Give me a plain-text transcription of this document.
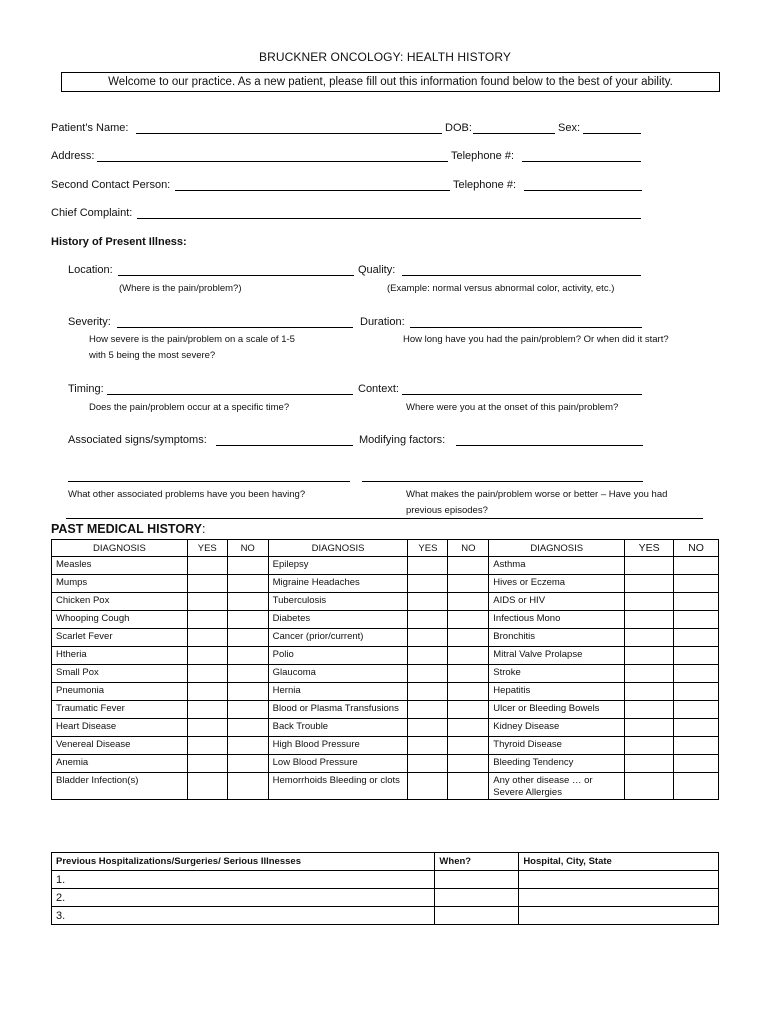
BRUCKNER ONCOLOGY: HEALTH HISTORY
Welcome to our practice. As a new patient, please fill out this information found below to the best of your ability.
Patient’s Name:	DOB:	Sex:
Address:	Telephone #:
Second Contact Person:	Telephone #:
Chief Complaint:
History of Present Illness:
Location:	Quality:
(Where is the pain/problem?)	(Example: normal versus abnormal color, activity, etc.)
Severity:	Duration:
How severe is the pain/problem on a scale of 1-5
with 5 being the most severe?
How long have you had the pain/problem? Or when did it start?
Timing:	Context:
Does the pain/problem occur at a specific time?	Where were you at the onset of this pain/problem?
Associated signs/symptoms:	Modifying factors:
What other associated problems have you been having?	What makes the pain/problem worse or better – Have you had
previous episodes?
PAST MEDICAL HISTORY:
DIAGNOSIS	YES	NO	DIAGNOSIS	YES	NO	DIAGNOSIS	YES	NO
Measles			Epilepsy			Asthma		
Mumps			Migraine Headaches			Hives or Eczema		
Chicken Pox			Tuberculosis			AIDS or HIV		
Whooping Cough			Diabetes			Infectious Mono		
Scarlet Fever			Cancer (prior/current)			Bronchitis		
Htheria			Polio			Mitral Valve Prolapse		
Small Pox			Glaucoma			Stroke		
Pneumonia			Hernia			Hepatitis		
Traumatic Fever			Blood or Plasma Transfusions			Ulcer or Bleeding Bowels		
Heart Disease			Back Trouble			Kidney Disease		
Venereal Disease			High Blood Pressure			Thyroid Disease		
Anemia			Low Blood Pressure			Bleeding Tendency		
Bladder Infection(s)			Hemorrhoids Bleeding or clots			Any other disease … or Severe Allergies		
Previous Hospitalizations/Surgeries/ Serious Illnesses	When?	Hospital, City, State
1.		
2.		
3.		
